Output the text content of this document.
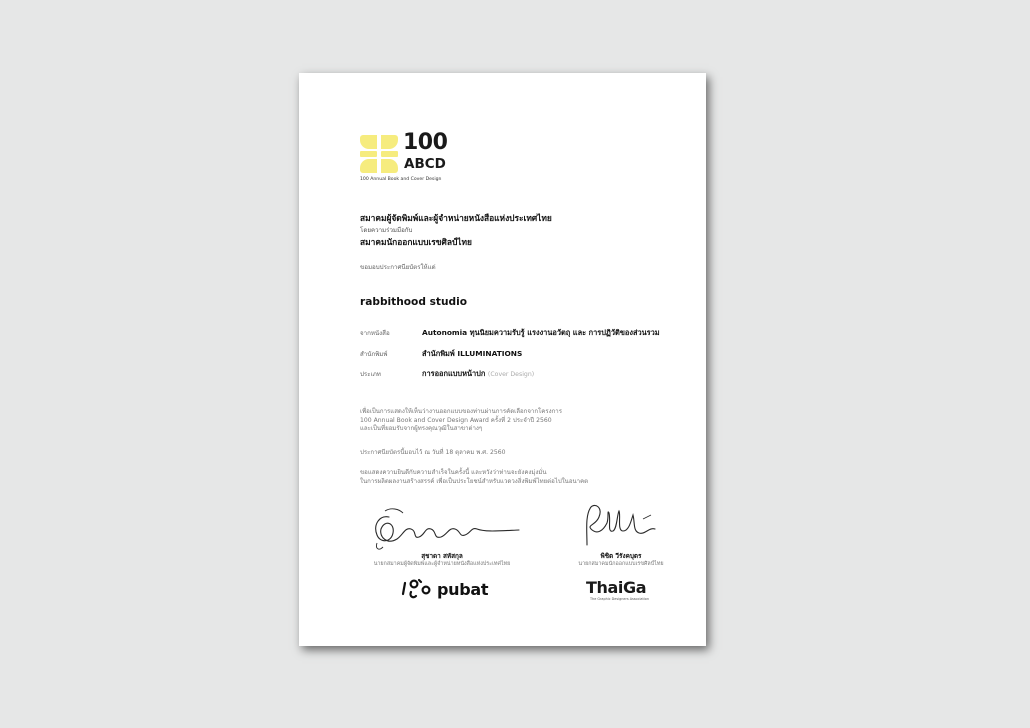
100
ABCD
100 Annual Book and Cover Design
สมาคมผู้จัดพิมพ์และผู้จำหน่ายหนังสือแห่งประเทศไทย
โดยความร่วมมือกับ
สมาคมนักออกแบบเรขศิลป์ไทย
ขอมอบประกาศนียบัตรให้แด่
rabbithood studio
จากหนังสือ	Autonomia ทุนนิยมความรับรู้ แรงงานอวัตถุ และ การปฏิวัติของส่วนรวม
สำนักพิมพ์	สำนักพิมพ์ ILLUMINATIONS
ประเภท	การออกแบบหน้าปก (Cover Design)
เพื่อเป็นการแสดงให้เห็นว่างานออกแบบของท่านผ่านการคัดเลือกจากโครงการ
100 Annual Book and Cover Design Award ครั้งที่ 2 ประจำปี 2560
และเป็นที่ยอมรับจากผู้ทรงคุณวุฒิในสาขาต่างๆ
ประกาศนียบัตรนี้มอบไว้ ณ วันที่ 18 ตุลาคม พ.ศ. 2560
ขอแสดงความยินดีกับความสำเร็จในครั้งนี้ และหวังว่าท่านจะยังคงมุ่งมั่น
ในการผลิตผลงานสร้างสรรค์ เพื่อเป็นประโยชน์สำหรับแวดวงสิ่งพิมพ์ไทยต่อไปในอนาคต
สุชาดา สหัสกุล
นายกสมาคมผู้จัดพิมพ์และผู้จำหน่ายหนังสือแห่งประเทศไทย
พิชิต วีรังคบุตร
นายกสมาคมนักออกแบบเรขศิลป์ไทย
pubat	ThaiGa
The Graphic Designers Association
